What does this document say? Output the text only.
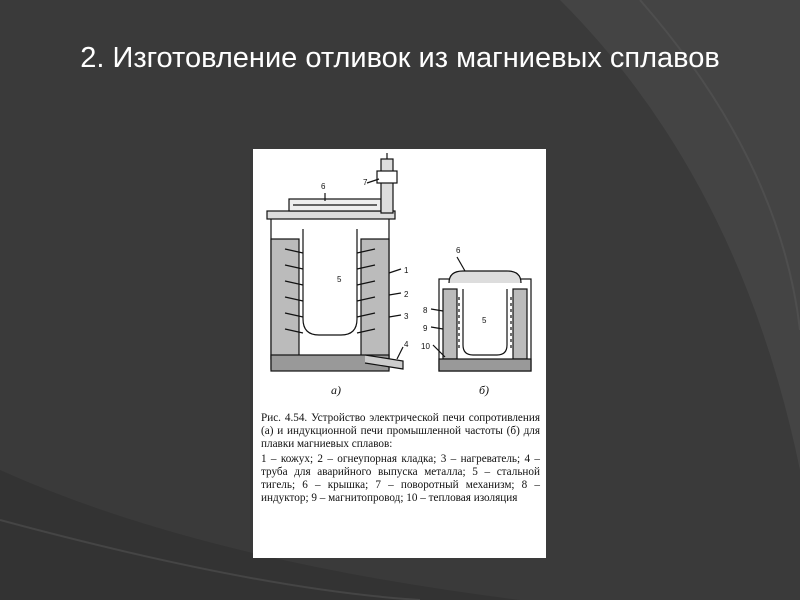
2. Изготовление отливок из магниевых сплавов
1
2
3
4
5
6	7
5
6
8
9
10
а)	б)
Рис. 4.54. Устройство электрической печи сопротивления (а) и индукционной печи промышленной частоты (б) для плавки магниевых сплавов:
1 – кожух; 2 – огнеупорная кладка; 3 – нагреватель; 4 – труба для аварийного выпуска металла; 5 – стальной тигель; 6 – крышка; 7 – поворотный механизм; 8 – индуктор; 9 – магнитопровод; 10 – тепловая изоляция
